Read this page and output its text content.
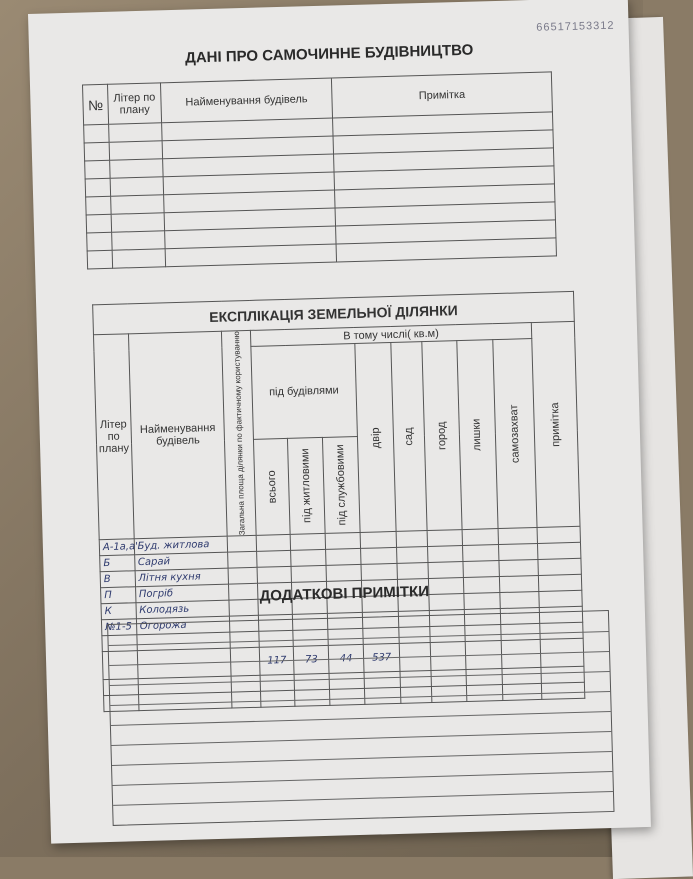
66517153312
ДАНІ ПРО САМОЧИННЕ БУДІВНИЦТВО
№	Літер по плану	Найменування будівель	Примітка

ЕКСПЛІКАЦІЯ ЗЕМЕЛЬНОЇ ДІЛЯНКИ											
Літер по плану	Найменування будівель	Загальна площа ділянки по фактичному користуванню	В тому числі( кв.м)								примітка

			під будівлями			двір	сад	город	лишки	самозахват	

			всього	під житловими	під службовими						

А-1а,а'	Буд. житлова										
Б	Сарай										
В	Літня кухня										
П	Погріб										
К	Колодязь										
№1-5	Огорожа										

			117	73	44	537					

ДОДАТКОВІ ПРИМІТКИ
